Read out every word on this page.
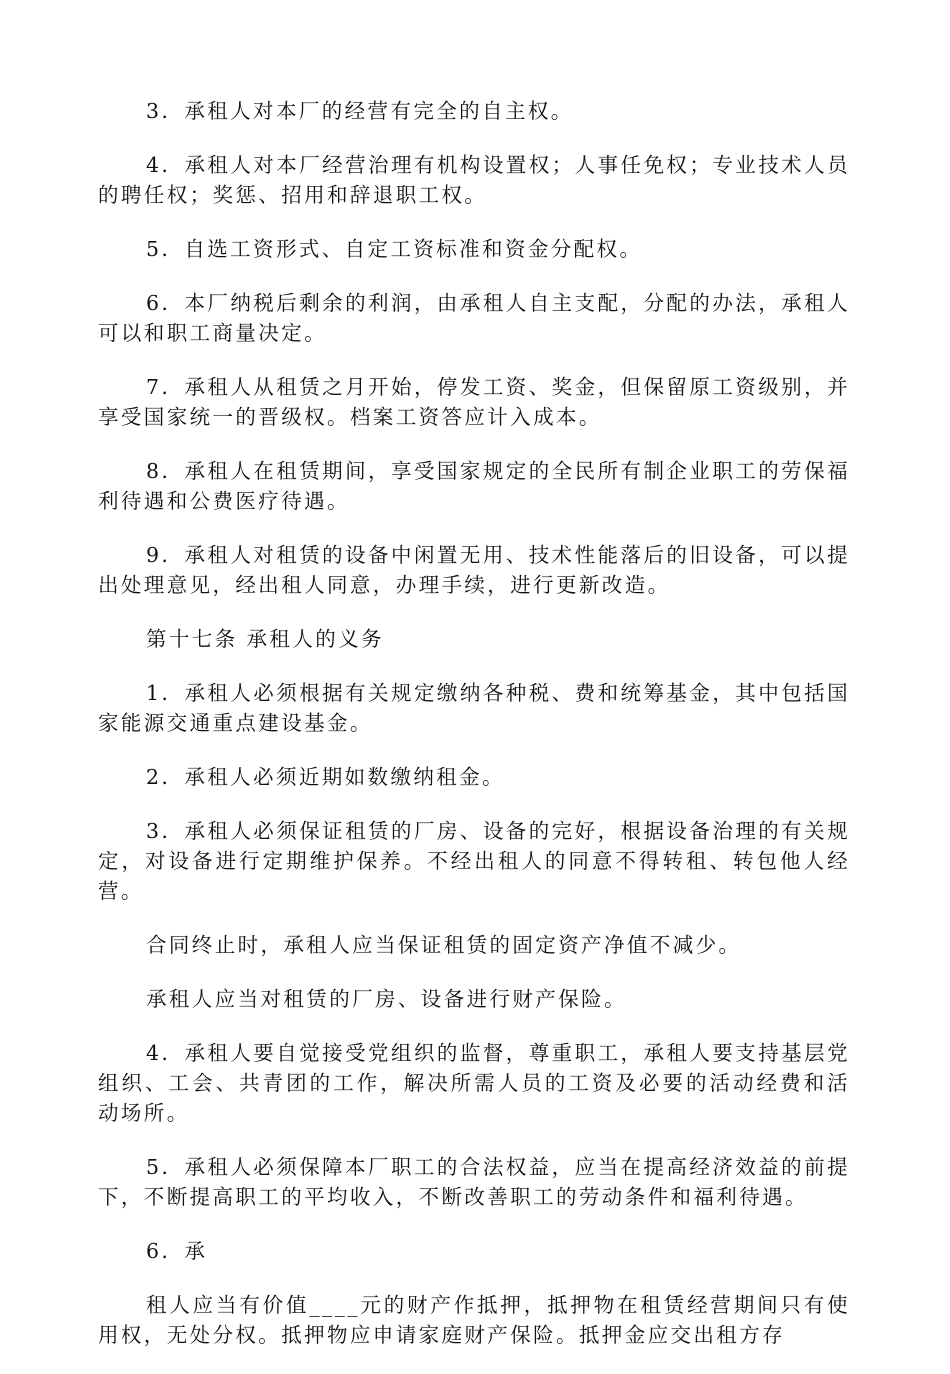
3．承租人对本厂的经营有完全的自主权。

4．承租人对本厂经营治理有机构设置权；人事任免权；专业技术人员的聘任权；奖惩、招用和辞退职工权。

5．自选工资形式、自定工资标准和资金分配权。

6．本厂纳税后剩余的利润，由承租人自主支配，分配的办法，承租人可以和职工商量决定。

7．承租人从租赁之月开始，停发工资、奖金，但保留原工资级别，并享受国家统一的晋级权。档案工资答应计入成本。

8．承租人在租赁期间，享受国家规定的全民所有制企业职工的劳保福利待遇和公费医疗待遇。

9．承租人对租赁的设备中闲置无用、技术性能落后的旧设备，可以提出处理意见，经出租人同意，办理手续，进行更新改造。

第十七条 承租人的义务

1．承租人必须根据有关规定缴纳各种税、费和统筹基金，其中包括国家能源交通重点建设基金。

2．承租人必须近期如数缴纳租金。

3．承租人必须保证租赁的厂房、设备的完好，根据设备治理的有关规定，对设备进行定期维护保养。不经出租人的同意不得转租、转包他人经营。

合同终止时，承租人应当保证租赁的固定资产净值不减少。

承租人应当对租赁的厂房、设备进行财产保险。

4．承租人要自觉接受党组织的监督，尊重职工，承租人要支持基层党组织、工会、共青团的工作，解决所需人员的工资及必要的活动经费和活动场所。

5．承租人必须保障本厂职工的合法权益，应当在提高经济效益的前提下，不断提高职工的平均收入，不断改善职工的劳动条件和福利待遇。

6．承

租人应当有价值____元的财产作抵押，抵押物在租赁经营期间只有使用权，无处分权。抵押物应申请家庭财产保险。抵押金应交出租方存
